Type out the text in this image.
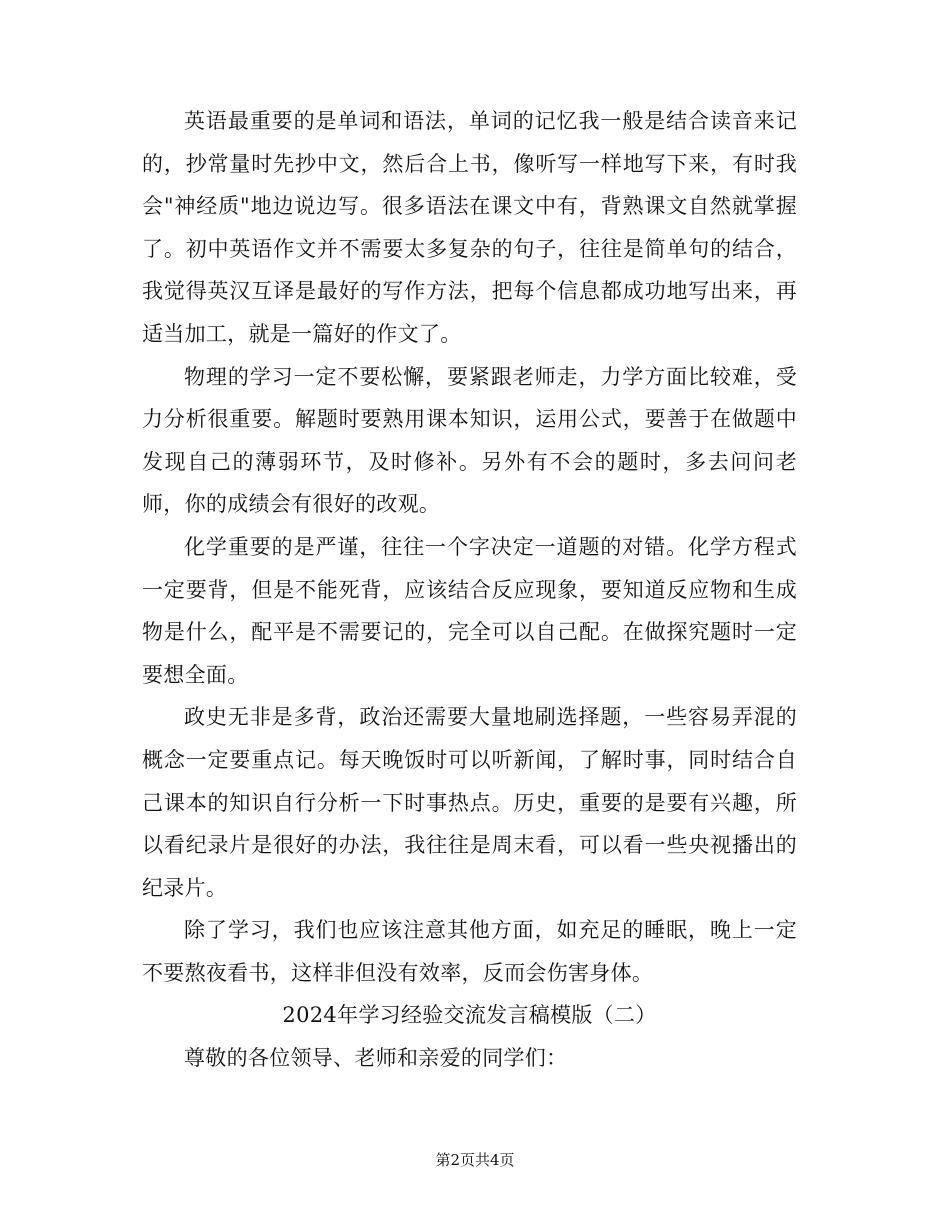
英语最重要的是单词和语法，单词的记忆我一般是结合读音来记的，抄常量时先抄中文，然后合上书，像听写一样地写下来，有时我会"神经质"地边说边写。很多语法在课文中有，背熟课文自然就掌握了。初中英语作文并不需要太多复杂的句子，往往是简单句的结合，我觉得英汉互译是最好的写作方法，把每个信息都成功地写出来，再适当加工，就是一篇好的作文了。

物理的学习一定不要松懈，要紧跟老师走，力学方面比较难，受力分析很重要。解题时要熟用课本知识，运用公式，要善于在做题中发现自己的薄弱环节，及时修补。另外有不会的题时，多去问问老师，你的成绩会有很好的改观。

化学重要的是严谨，往往一个字决定一道题的对错。化学方程式一定要背，但是不能死背，应该结合反应现象，要知道反应物和生成物是什么，配平是不需要记的，完全可以自己配。在做探究题时一定要想全面。

政史无非是多背，政治还需要大量地刷选择题，一些容易弄混的概念一定要重点记。每天晚饭时可以听新闻，了解时事，同时结合自己课本的知识自行分析一下时事热点。历史，重要的是要有兴趣，所以看纪录片是很好的办法，我往往是周末看，可以看一些央视播出的纪录片。

除了学习，我们也应该注意其他方面，如充足的睡眠，晚上一定不要熬夜看书，这样非但没有效率，反而会伤害身体。

2024年学习经验交流发言稿模版（二）

尊敬的各位领导、老师和亲爱的同学们：

第2页共4页
